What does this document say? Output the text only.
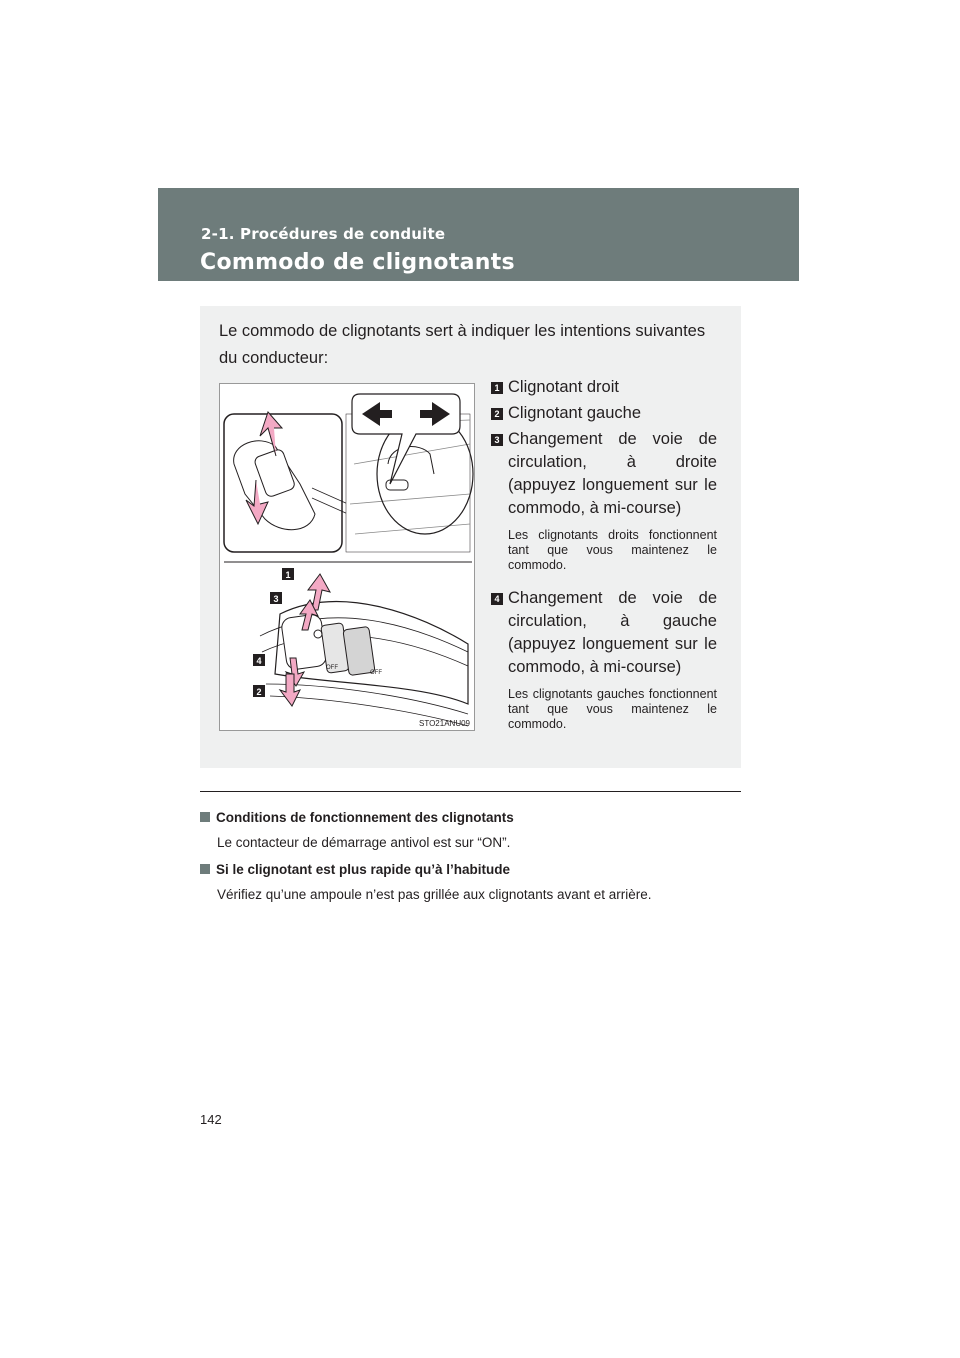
2-1. Procédures de conduite
Commodo de clignotants
Le commodo de clignotants sert à indiquer les intentions suivantes du conducteur:
OFF
OFF
1
3
4
2
STO21ANU09
1 Clignotant droit
2 Clignotant gauche
3 Changement de voie de circulation, à droite (appuyez longuement sur le commodo, à mi-course)
Les clignotants droits fonctionnent tant que vous maintenez le commodo.
4 Changement de voie de circulation, à gauche (appuyez longuement sur le commodo, à mi-course)
Les clignotants gauches fonctionnent tant que vous maintenez le commodo.
Conditions de fonctionnement des clignotants
Le contacteur de démarrage antivol est sur “ON”.
Si le clignotant est plus rapide qu’à l’habitude
Vérifiez qu’une ampoule n’est pas grillée aux clignotants avant et arrière.
142
